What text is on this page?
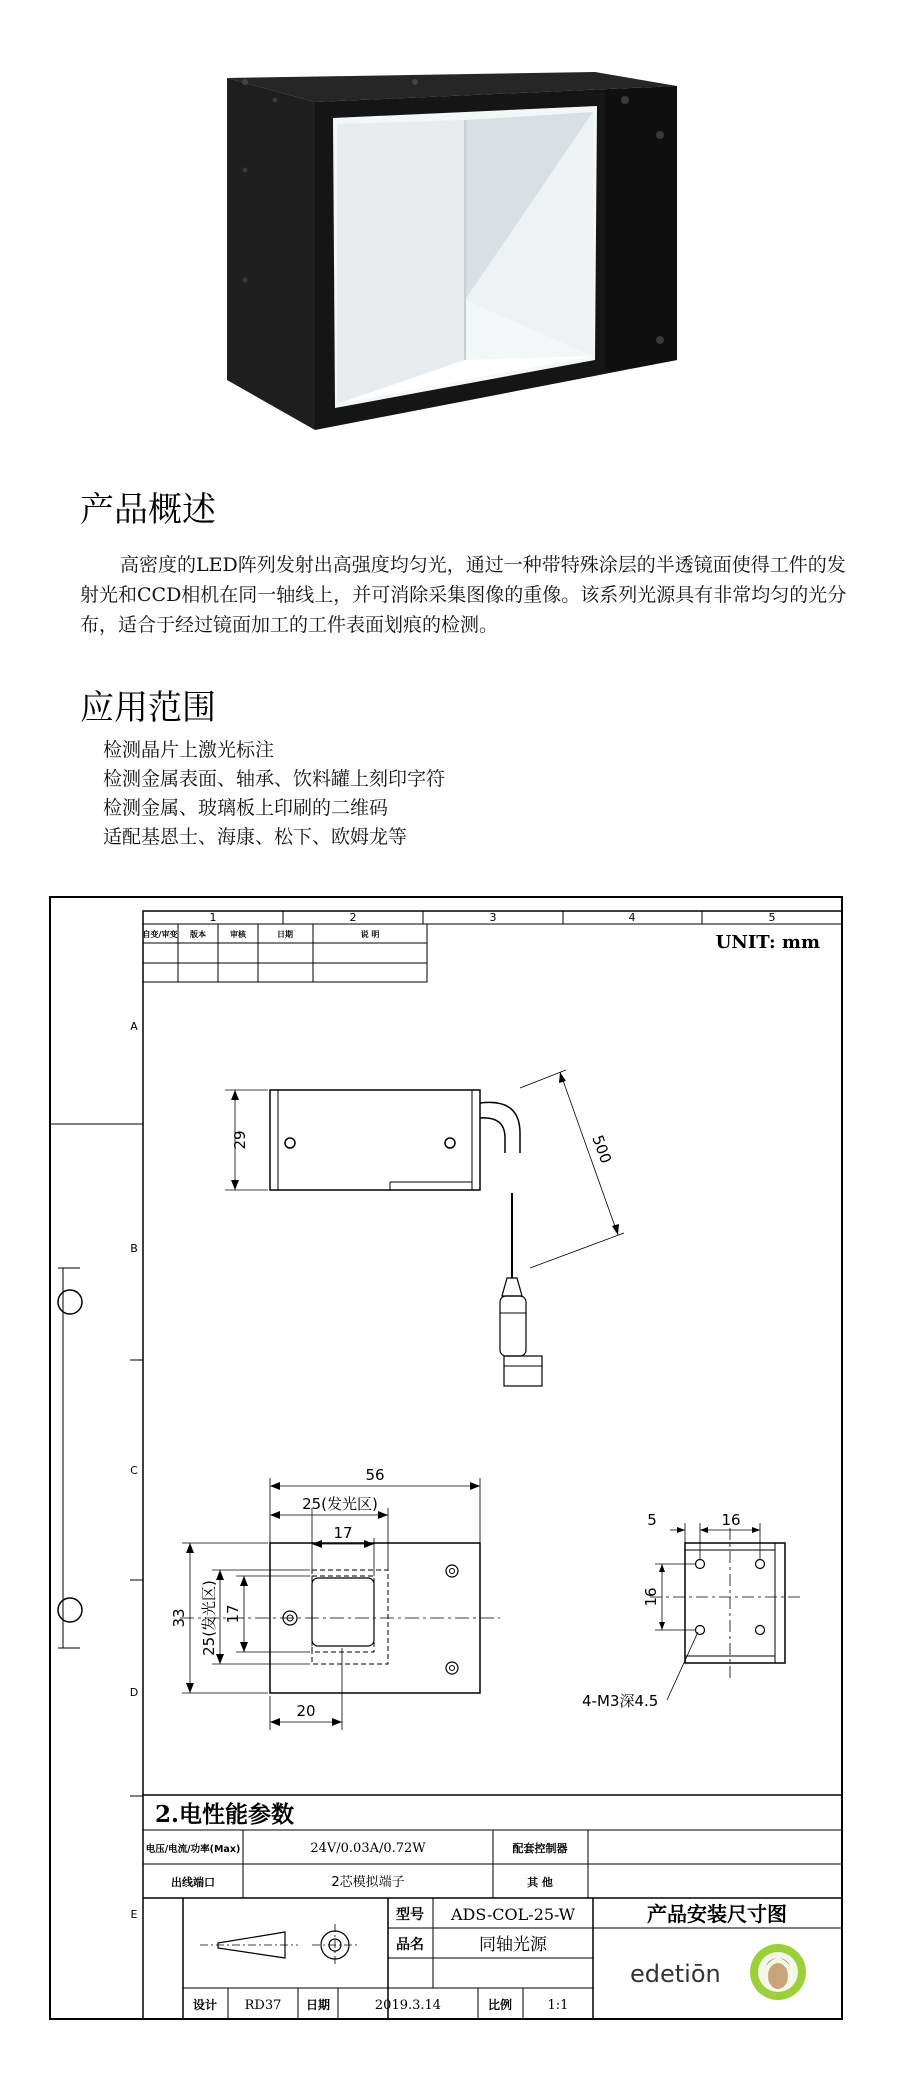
产品概述

高密度的LED阵列发射出高强度均匀光，通过一种带特殊涂层的半透镜面使得工件的发射光和CCD相机在同一轴线上，并可消除采集图像的重像。该系列光源具有非常均匀的光分布，适合于经过镜面加工的工件表面划痕的检测。

应用范围
检测晶片上激光标注
检测金属表面、轴承、饮料罐上刻印字符
检测金属、玻璃板上印刷的二维码
适配基恩士、海康、松下、欧姆龙等
1	2	3	4	5
A
B
C
D
E
自变/审变 版本	审核	日期	说 明	UNIT: mm
29	500
56
25(发光区)
17
33 25(发光区) 17
20
5	16
16
4-M3深4.5
2.电性能参数
电压/电流/功率(Max)	24V/0.03A/0.72W	配套控制器
出线端口	2芯模拟端子	其 他
型号 ADS-COL-25-W
品名	同轴光源
产品安装尺寸图
设计 RD37 日期	2019.3.14	比例	1:1
edetiōn
